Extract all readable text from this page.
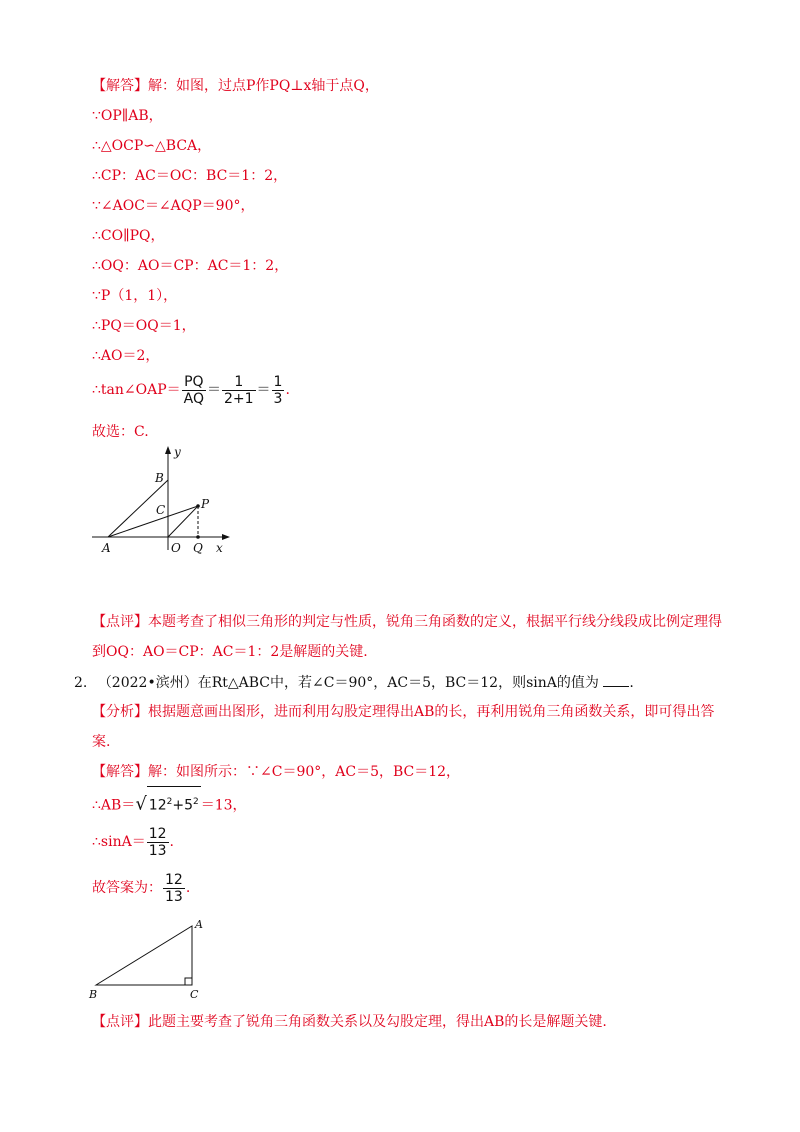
【解答】解：如图，过点P作PQ⊥x轴于点Q，
∵OP∥AB，
∴△OCP∽△BCA，
∴CP：AC＝OC：BC＝1：2，
∵∠AOC＝∠AQP＝90°，
∴CO∥PQ，
∴OQ：AO＝CP：AC＝1：2，
∵P（1，1），
∴PQ＝OQ＝1，
∴AO＝2，
∴tan∠OAP＝ $\frac{PQ}{AQ} = \frac{1}{2+1} = \frac{1}{3}$ .
故选：C.
y
B
C	P
A	O Q x
【点评】本题考查了相似三角形的判定与性质，锐角三角函数的定义，根据平行线分线段成比例定理得
到OQ：AO＝CP：AC＝1：2是解题的关键.
2. （2022•滨州）在Rt△ABC中，若∠C＝90°，AC＝5，BC＝12，则sinA的值为 .
【分析】根据题意画出图形，进而利用勾股定理得出AB的长，再利用锐角三角函数关系，即可得出答
案.
【解答】解：如图所示：∵∠C＝90°，AC＝5，BC＝12，
∴AB＝√ $12^2+5^2 =13$，
∴sinA＝ $\frac{12}{13}$ .
故答案为： $\frac{12}{13}$ .
A
B	C
【点评】此题主要考查了锐角三角函数关系以及勾股定理，得出AB的长是解题关键.
